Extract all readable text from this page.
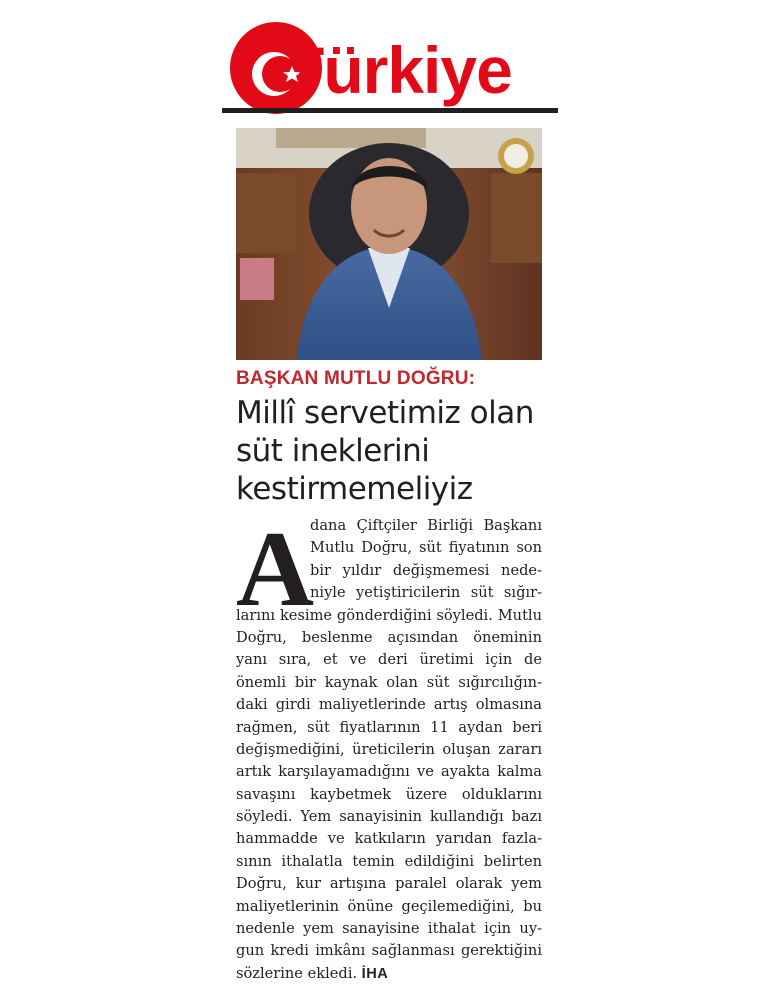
Türkiye
BAŞKAN MUTLU DOĞRU:
Millî servetimiz olan
süt ineklerini
kestirmemeliyiz
A
dana Çiftçiler Birliği Başkanı
Mutlu Doğru, süt fiyatının son
bir yıldır değişmemesi nede-
niyle yetiştiricilerin süt sığır-
larını kesime gönderdiğini söyledi. Mutlu
Doğru, beslenme açısından öneminin
yanı sıra, et ve deri üretimi için de
önemli bir kaynak olan süt sığırcılığın-
daki girdi maliyetlerinde artış olmasına
rağmen, süt fiyatlarının 11 aydan beri
değişmediğini, üreticilerin oluşan zararı
artık karşılayamadığını ve ayakta kalma
savaşını kaybetmek üzere olduklarını
söyledi. Yem sanayisinin kullandığı bazı
hammadde ve katkıların yarıdan fazla-
sının ithalatla temin edildiğini belirten
Doğru, kur artışına paralel olarak yem
maliyetlerinin önüne geçilemediğini, bu
nedenle yem sanayisine ithalat için uy-
gun kredi imkânı sağlanması gerektiğini
sözlerine ekledi. İHA
